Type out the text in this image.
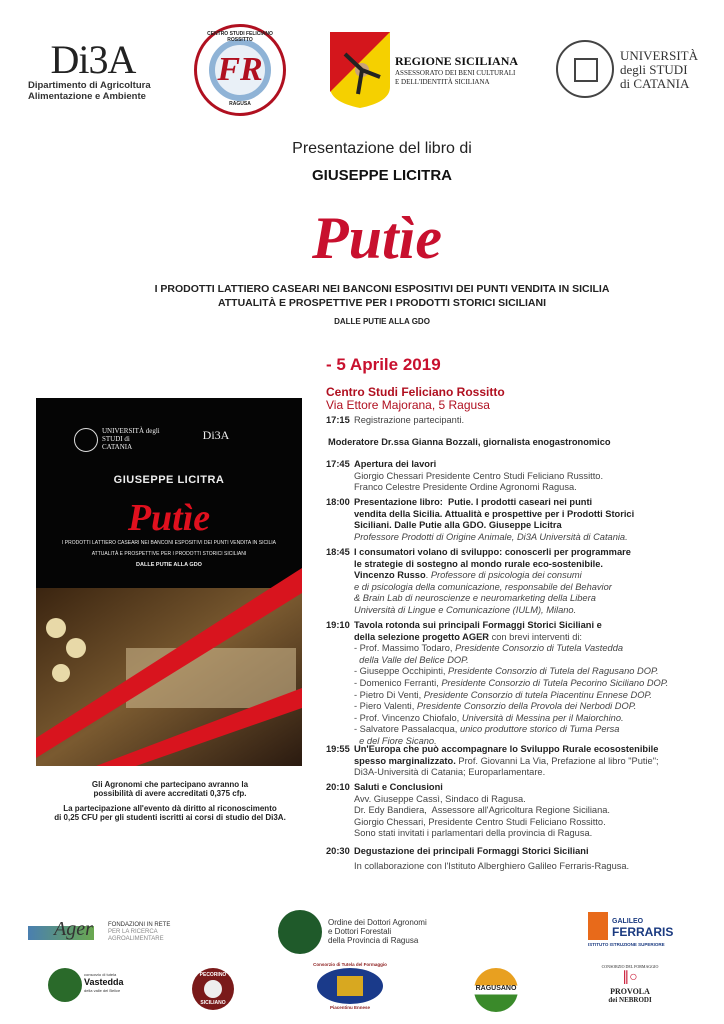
Di3A
Dipartimento di Agricoltura
Alimentazione e Ambiente
FR
CENTRO STUDI FELICIANO ROSSITTO
RAGUSA
REGIONE SICILIANA
ASSESSORATO DEI BENI CULTURALI
E DELL'IDENTITÀ SICILIANA
UNIVERSITÀ
degli STUDI
di CATANIA
Presentazione del libro di
GIUSEPPE LICITRA
Putìe
I PRODOTTI LATTIERO CASEARI NEI BANCONI ESPOSITIVI DEI PUNTI VENDITA IN SICILIA
ATTUALITÀ E PROSPETTIVE PER I PRODOTTI STORICI SICILIANI
DALLE PUTIE ALLA GDO
- 5 Aprile 2019
Centro Studi Feliciano Rossitto
Via Ettore Majorana, 5 Ragusa
17:15 Registrazione partecipanti.
Moderatore Dr.ssa Gianna Bozzali, giornalista enogastronomico
17:45 Apertura dei lavori
Giorgio Chessari Presidente Centro Studi Feliciano Russitto.
Franco Celestre Presidente Ordine Agronomi Ragusa.
18:00 Presentazione libro:  Putie. I prodotti caseari nei punti
vendita della Sicilia. Attualità e prospettive per i Prodotti Storici
Siciliani. Dalle Putie alla GDO. Giuseppe Licitra
Professore Prodotti di Origine Animale, Di3A Università di Catania.
18:45 I consumatori volano di sviluppo: conoscerli per programmare
le strategie di sostegno al mondo rurale eco-sostenibile.
Vincenzo Russo. Professore di psicologia dei consumi
e di psicologia della comunicazione, responsabile del Behavior
& Brain Lab di neuroscienze e neuromarketing della Libera
Università di Lingue e Comunicazione (IULM), Milano.
19:10 Tavola rotonda sui principali Formaggi Storici Siciliani e
della selezione progetto AGER con brevi interventi di:
- Prof. Massimo Todaro, Presidente Consorzio di Tutela Vastedda
della Valle del Belice DOP.
- Giuseppe Occhipinti, Presidente Consorzio di Tutela del Ragusano DOP.
- Domenico Ferranti, Presidente Consorzio di Tutela Pecorino Siciliano DOP.
- Pietro Di Venti, Presidente Consorzio di tutela Piacentinu Ennese DOP.
- Piero Valenti, Presidente Consorzio della Provola dei Nerbodi DOP.
- Prof. Vincenzo Chiofalo, Università di Messina per il Maiorchino.
- Salvatore Passalacqua, unico produttore storico di Tuma Persa
e del Fiore Sicano.
19:55 Un'Europa che può accompagnare lo Sviluppo Rurale ecosostenibile
spesso marginalizzato. Prof. Giovanni La Via, Prefazione al libro "Putie";
Di3A-Università di Catania; Europarlamentare.
20:10 Saluti e Conclusioni
Avv. Giuseppe Cassì, Sindaco di Ragusa.
Dr. Edy Bandiera,  Assessore all'Agricoltura Regione Siciliana.
Giorgio Chessari, Presidente Centro Studi Feliciano Rossitto.
Sono stati invitati i parlamentari della provincia di Ragusa.
20:30 Degustazione dei principali Formaggi Storici Siciliani
In collaborazione con l'Istituto Alberghiero Galileo Ferraris-Ragusa.
UNIVERSITÀ degli STUDI di CATANIA
Di3A
GIUSEPPE LICITRA
Putìe
I PRODOTTI LATTIERO CASEARI NEI BANCONI ESPOSITIVI DEI PUNTI VENDITA IN SICILIA
ATTUALITÀ E PROSPETTIVE PER I PRODOTTI STORICI SICILIANI
DALLE PUTIE ALLA GDO
Gli Agronomi che partecipano avranno la
possibilità di avere accreditati 0,375 cfp.
La partecipazione all'evento dà diritto al riconoscimento
di 0,25 CFU per gli studenti iscritti ai corsi di studio del Di3A.
Ager	FONDAZIONI IN RETE
PER LA RICERCA
AGROALIMENTARE
Ordine dei Dottori Agronomi
e Dottori Forestali
della Provincia di Ragusa
GALILEO
FERRARIS
ISTITUTO ISTRUZIONE SUPERIORE
consorzio di tutela
Vastedda
della valle del Belice
PECORINO
SICILIANO
Consorzio di Tutela del Formaggio
Piacentinu Ennese
RAGUSANO
CONSORZIO DEL FORMAGGIO
∥○
PROVOLA
dei NEBRODI
